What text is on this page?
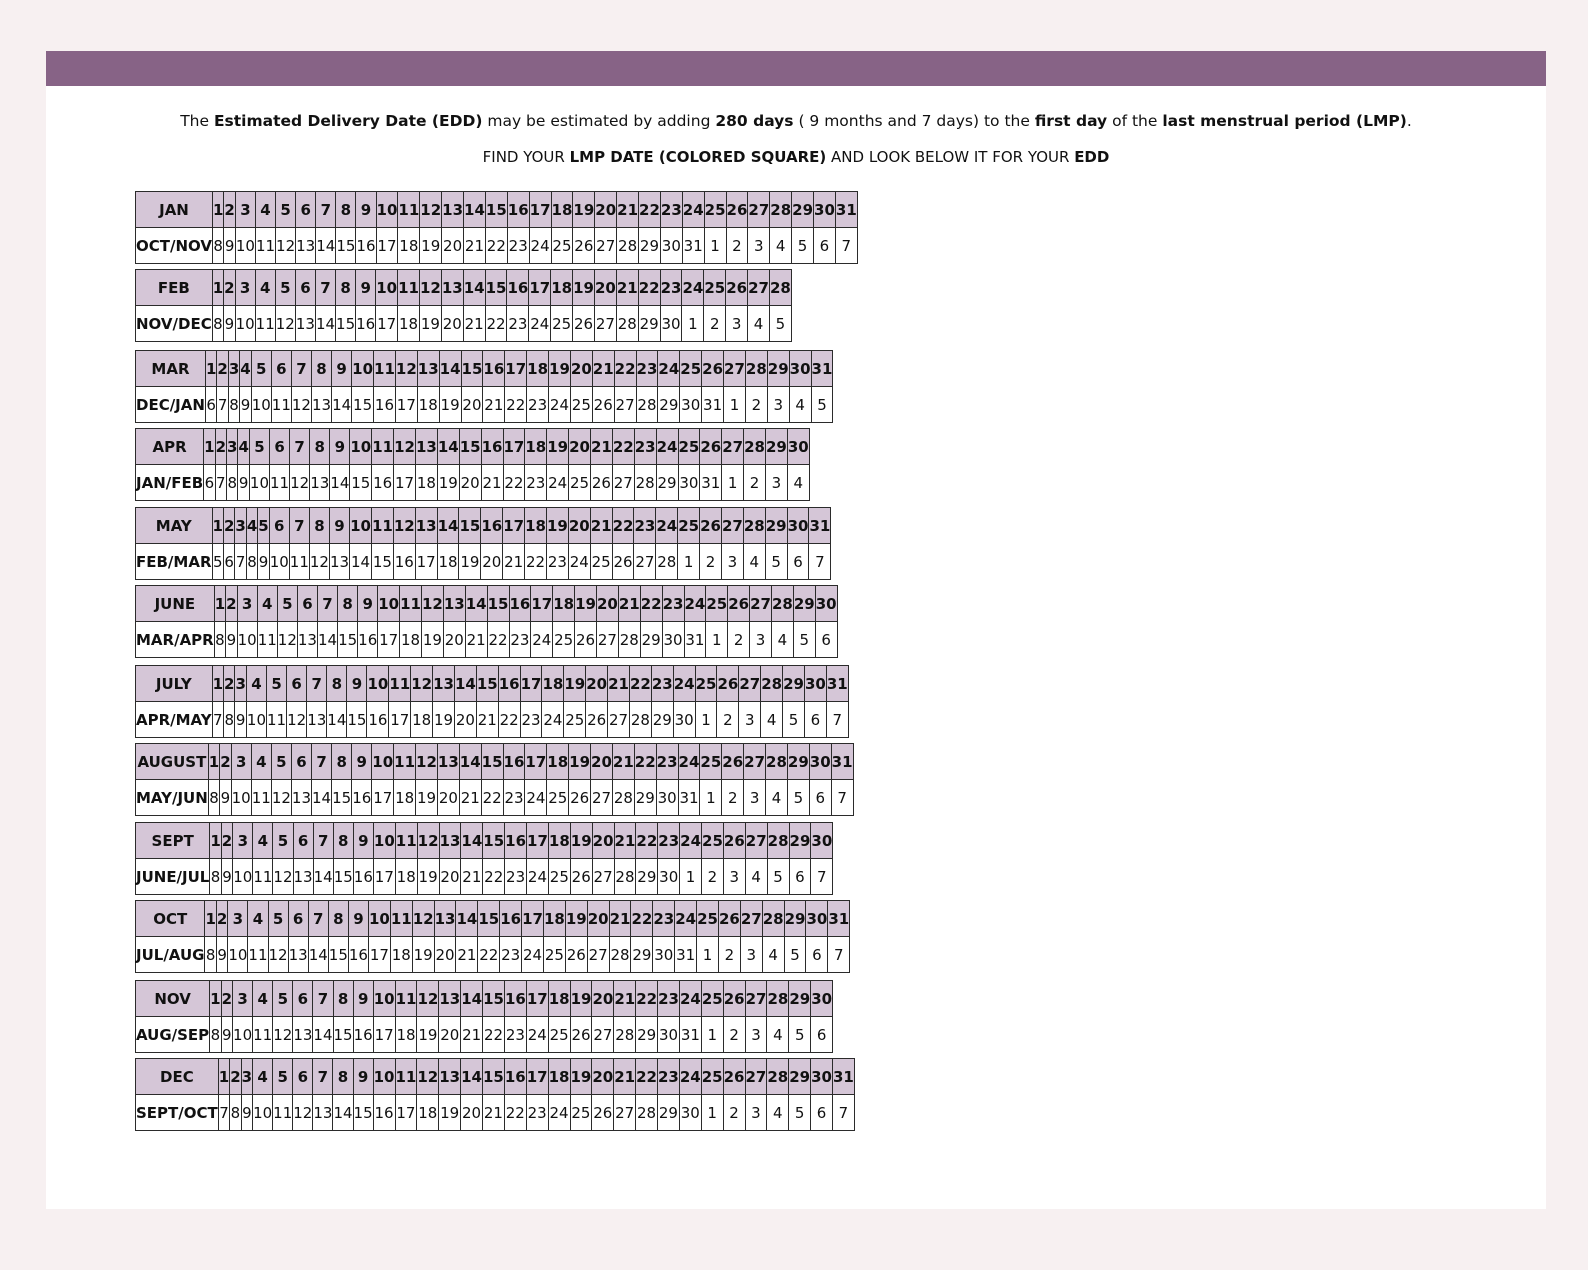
The Estimated Delivery Date (EDD) may be estimated by adding 280 days ( 9 months and 7 days) to the first day of the last menstrual period (LMP).
FIND YOUR LMP DATE (COLORED SQUARE) AND LOOK BELOW IT FOR YOUR EDD
JAN	1	2	3	4	5	6	7	8	9	10	11	12	13	14	15	16	17	18	19	20	21	22	23	24	25	26	27	28	29	30	31
OCT/NOV	8	9	10	11	12	13	14	15	16	17	18	19	20	21	22	23	24	25	26	27	28	29	30	31	1	2	3	4	5	6	7
FEB	1	2	3	4	5	6	7	8	9	10	11	12	13	14	15	16	17	18	19	20	21	22	23	24	25	26	27	28
NOV/DEC	8	9	10	11	12	13	14	15	16	17	18	19	20	21	22	23	24	25	26	27	28	29	30	1	2	3	4	5
MAR	1	2	3	4	5	6	7	8	9	10	11	12	13	14	15	16	17	18	19	20	21	22	23	24	25	26	27	28	29	30	31
DEC/JAN	6	7	8	9	10	11	12	13	14	15	16	17	18	19	20	21	22	23	24	25	26	27	28	29	30	31	1	2	3	4	5
APR	1	2	3	4	5	6	7	8	9	10	11	12	13	14	15	16	17	18	19	20	21	22	23	24	25	26	27	28	29	30
JAN/FEB	6	7	8	9	10	11	12	13	14	15	16	17	18	19	20	21	22	23	24	25	26	27	28	29	30	31	1	2	3	4
MAY	1	2	3	4	5	6	7	8	9	10	11	12	13	14	15	16	17	18	19	20	21	22	23	24	25	26	27	28	29	30	31
FEB/MAR	5	6	7	8	9	10	11	12	13	14	15	16	17	18	19	20	21	22	23	24	25	26	27	28	1	2	3	4	5	6	7
JUNE	1	2	3	4	5	6	7	8	9	10	11	12	13	14	15	16	17	18	19	20	21	22	23	24	25	26	27	28	29	30
MAR/APR	8	9	10	11	12	13	14	15	16	17	18	19	20	21	22	23	24	25	26	27	28	29	30	31	1	2	3	4	5	6
JULY	1	2	3	4	5	6	7	8	9	10	11	12	13	14	15	16	17	18	19	20	21	22	23	24	25	26	27	28	29	30	31
APR/MAY	7	8	9	10	11	12	13	14	15	16	17	18	19	20	21	22	23	24	25	26	27	28	29	30	1	2	3	4	5	6	7
AUGUST	1	2	3	4	5	6	7	8	9	10	11	12	13	14	15	16	17	18	19	20	21	22	23	24	25	26	27	28	29	30	31
MAY/JUN	8	9	10	11	12	13	14	15	16	17	18	19	20	21	22	23	24	25	26	27	28	29	30	31	1	2	3	4	5	6	7
SEPT	1	2	3	4	5	6	7	8	9	10	11	12	13	14	15	16	17	18	19	20	21	22	23	24	25	26	27	28	29	30
JUNE/JUL	8	9	10	11	12	13	14	15	16	17	18	19	20	21	22	23	24	25	26	27	28	29	30	1	2	3	4	5	6	7
OCT	1	2	3	4	5	6	7	8	9	10	11	12	13	14	15	16	17	18	19	20	21	22	23	24	25	26	27	28	29	30	31
JUL/AUG	8	9	10	11	12	13	14	15	16	17	18	19	20	21	22	23	24	25	26	27	28	29	30	31	1	2	3	4	5	6	7
NOV	1	2	3	4	5	6	7	8	9	10	11	12	13	14	15	16	17	18	19	20	21	22	23	24	25	26	27	28	29	30
AUG/SEP	8	9	10	11	12	13	14	15	16	17	18	19	20	21	22	23	24	25	26	27	28	29	30	31	1	2	3	4	5	6
DEC	1	2	3	4	5	6	7	8	9	10	11	12	13	14	15	16	17	18	19	20	21	22	23	24	25	26	27	28	29	30	31
SEPT/OCT	7	8	9	10	11	12	13	14	15	16	17	18	19	20	21	22	23	24	25	26	27	28	29	30	1	2	3	4	5	6	7
